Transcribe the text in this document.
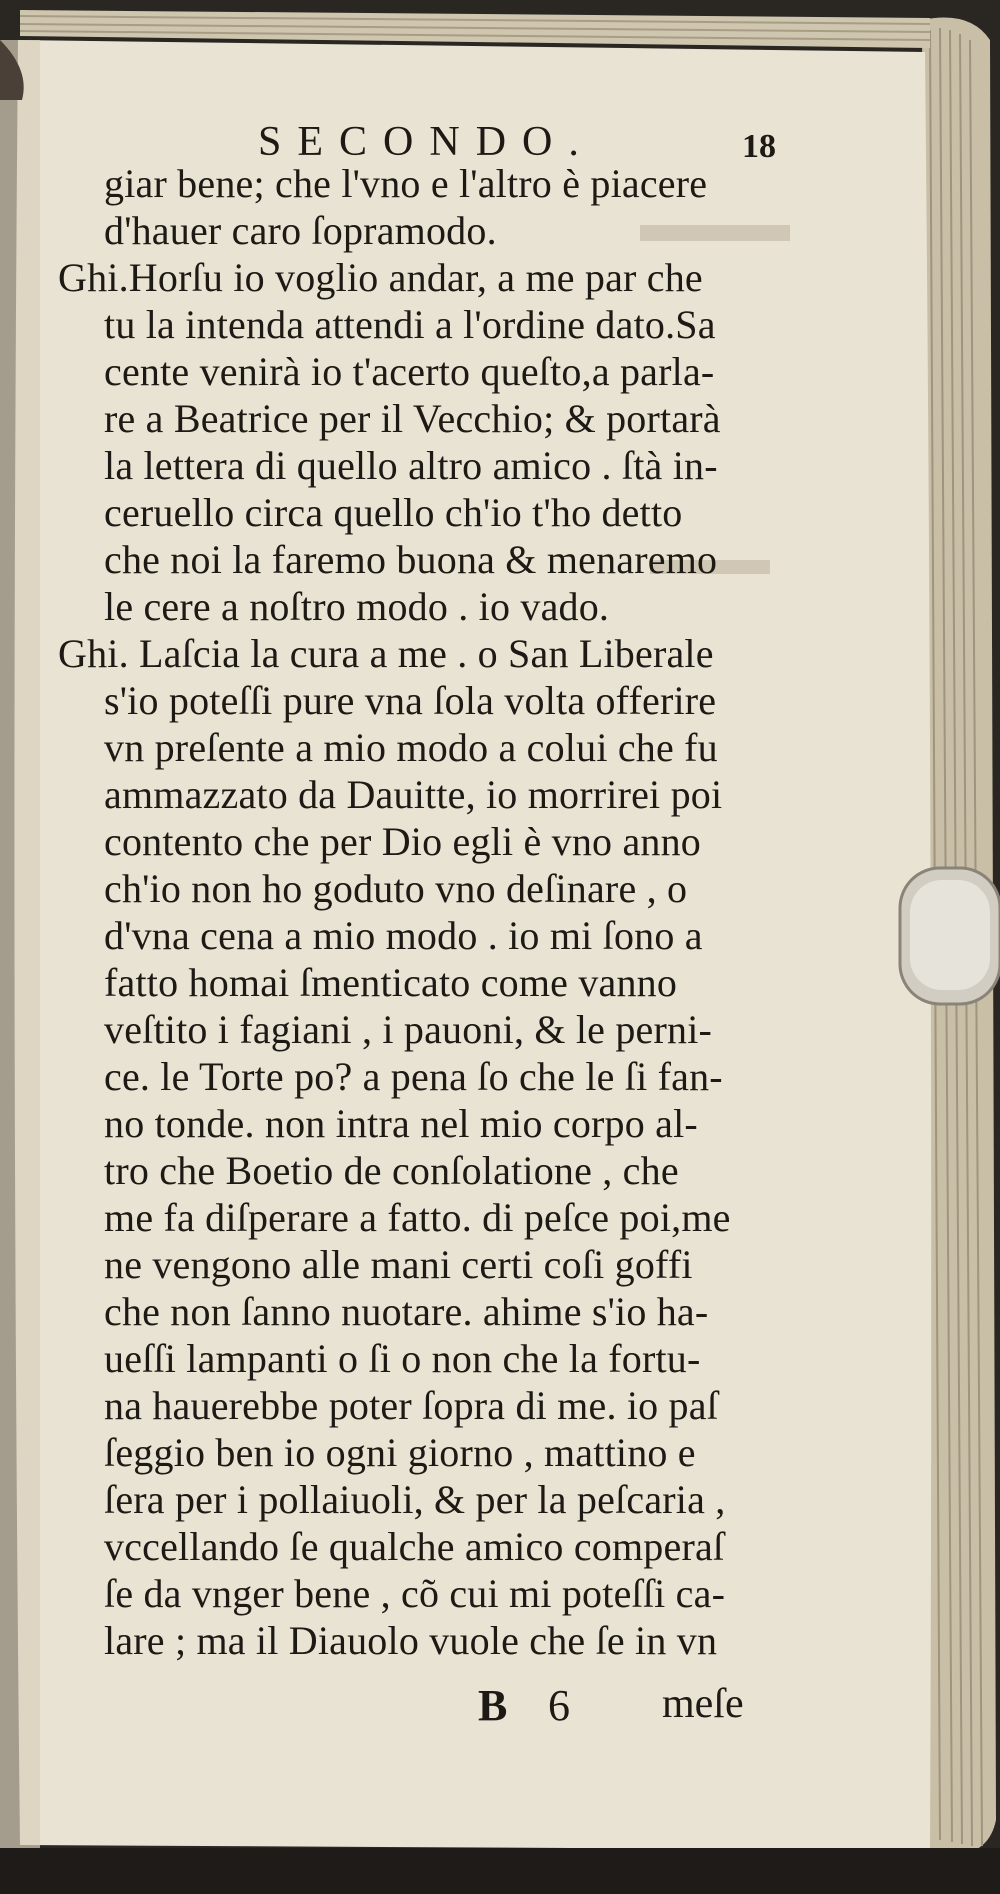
SECONDO.	18
giar bene; che l'vno e l'altro è piacere
d'hauer caro ſopramodo.
Ghi.Horſu io voglio andar, a me par che
tu la intenda attendi a l'ordine dato.Sa
cente venirà io t'acerto queſto,a parla-
re a Beatrice per il Vecchio; & portarà
la lettera di quello altro amico . ſtà in-
ceruello circa quello ch'io t'ho detto
che noi la faremo buona & menaremo
le cere a noſtro modo . io vado.
Ghi. Laſcia la cura a me . o San Liberale
s'io poteſſi pure vna ſola volta offerire
vn preſente a mio modo a colui che fu
ammazzato da Dauitte, io morrirei poi
contento che per Dio egli è vno anno
ch'io non ho goduto vno deſinare , o
d'vna cena a mio modo . io mi ſono a
fatto homai ſmenticato come vanno
veſtito i fagiani , i pauoni, & le perni-
ce. le Torte po? a pena ſo che le ſi fan-
no tonde. non intra nel mio corpo al-
tro che Boetio de conſolatione , che
me fa diſperare a fatto. di peſce poi,me
ne vengono alle mani certi coſi goffi
che non ſanno nuotare. ahime s'io ha-
ueſſi lampanti o ſi o non che la fortu-
na hauerebbe poter ſopra di me. io paſ
ſeggio ben io ogni giorno , mattino e
ſera per i pollaiuoli, & per la peſcaria ,
vccellando ſe qualche amico comperaſ
ſe da vnger bene , cõ cui mi poteſſi ca-
lare ; ma il Diauolo vuole che ſe in vn
B 6 meſe
